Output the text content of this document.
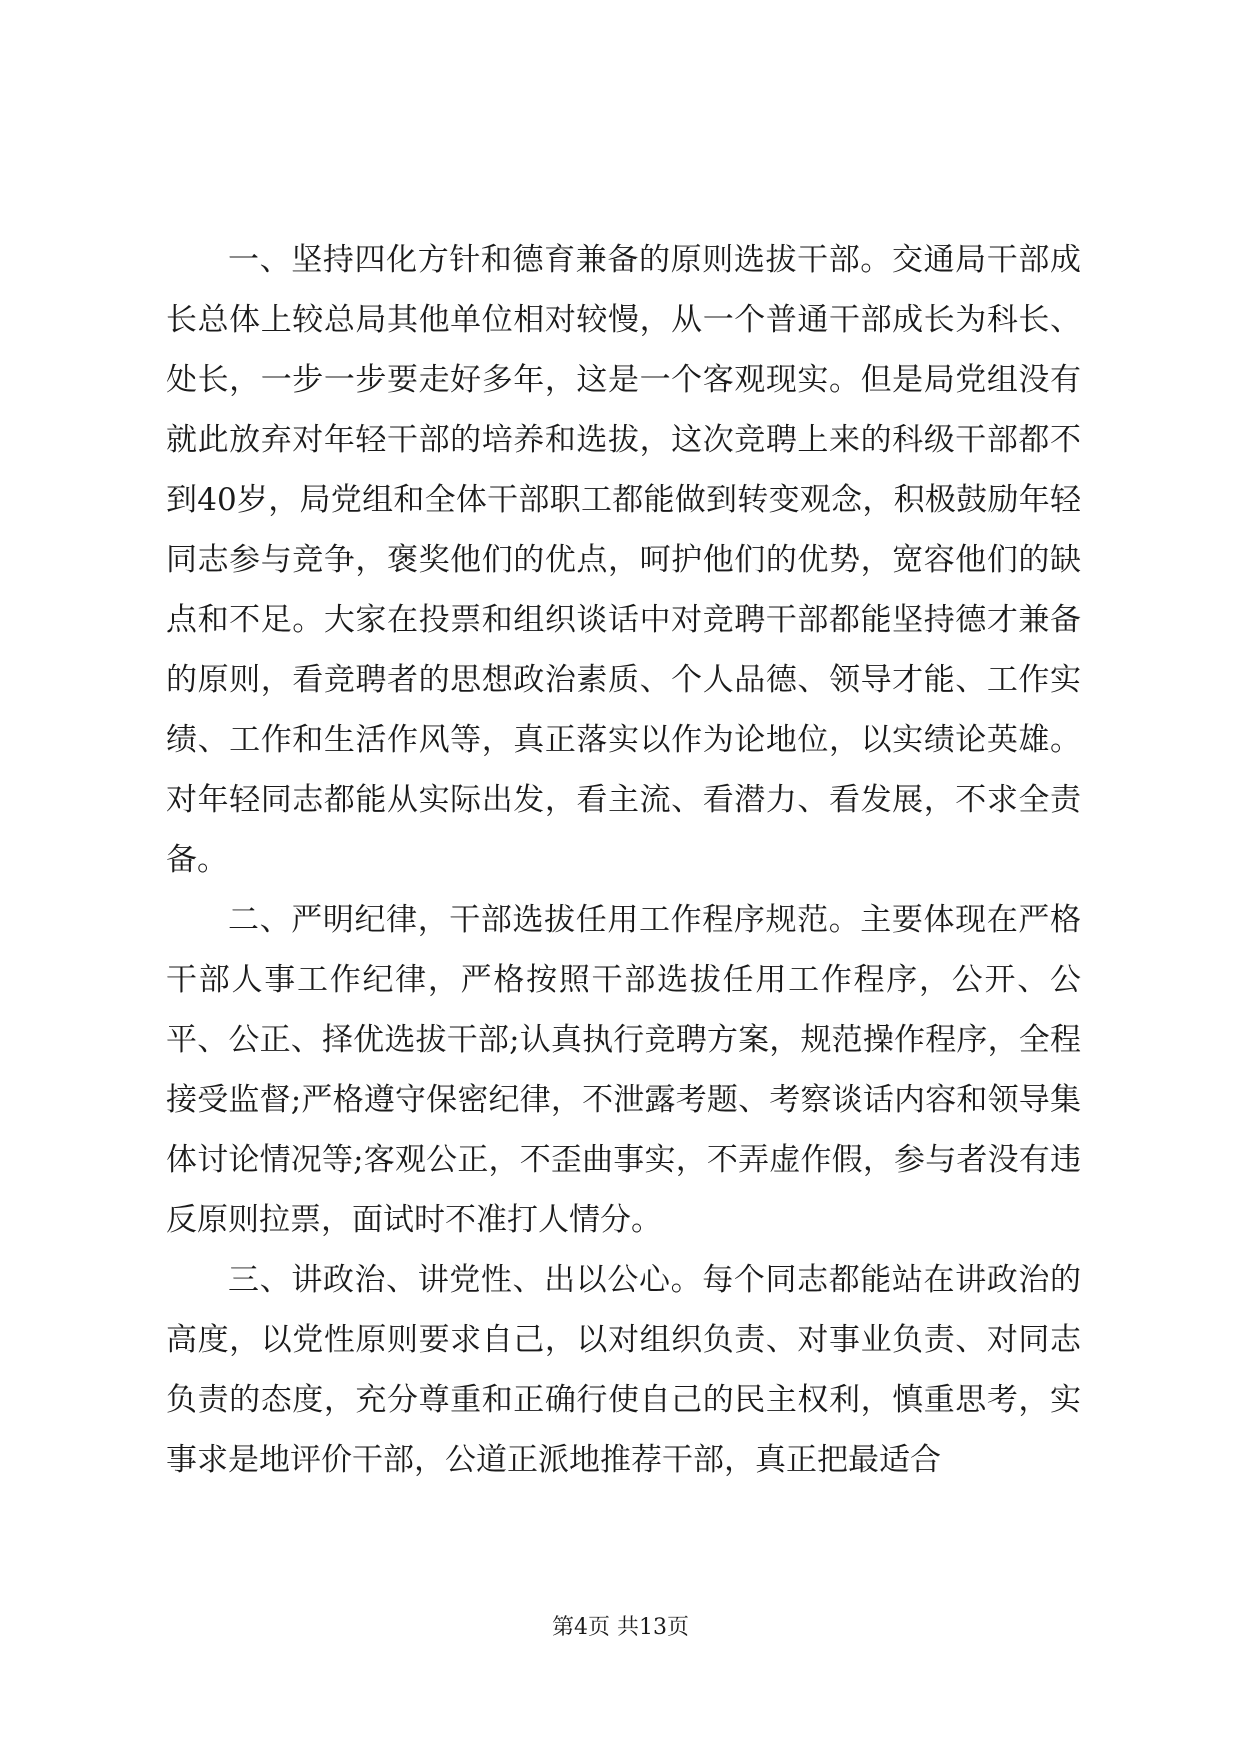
一、坚持四化方针和德育兼备的原则选拔干部。交通局干部成长总体上较总局其他单位相对较慢，从一个普通干部成长为科长、处长，一步一步要走好多年，这是一个客观现实。但是局党组没有就此放弃对年轻干部的培养和选拔，这次竞聘上来的科级干部都不到40岁，局党组和全体干部职工都能做到转变观念，积极鼓励年轻同志参与竞争，褒奖他们的优点，呵护他们的优势，宽容他们的缺点和不足。大家在投票和组织谈话中对竞聘干部都能坚持德才兼备的原则，看竞聘者的思想政治素质、个人品德、领导才能、工作实绩、工作和生活作风等，真正落实以作为论地位，以实绩论英雄。对年轻同志都能从实际出发，看主流、看潜力、看发展，不求全责备。

二、严明纪律，干部选拔任用工作程序规范。主要体现在严格干部人事工作纪律，严格按照干部选拔任用工作程序，公开、公平、公正、择优选拔干部;认真执行竞聘方案，规范操作程序，全程接受监督;严格遵守保密纪律，不泄露考题、考察谈话内容和领导集体讨论情况等;客观公正，不歪曲事实，不弄虚作假，参与者没有违反原则拉票，面试时不准打人情分。

三、讲政治、讲党性、出以公心。每个同志都能站在讲政治的高度，以党性原则要求自己，以对组织负责、对事业负责、对同志负责的态度，充分尊重和正确行使自己的民主权利，慎重思考，实事求是地评价干部，公道正派地推荐干部，真正把最适合

第4页 共13页
